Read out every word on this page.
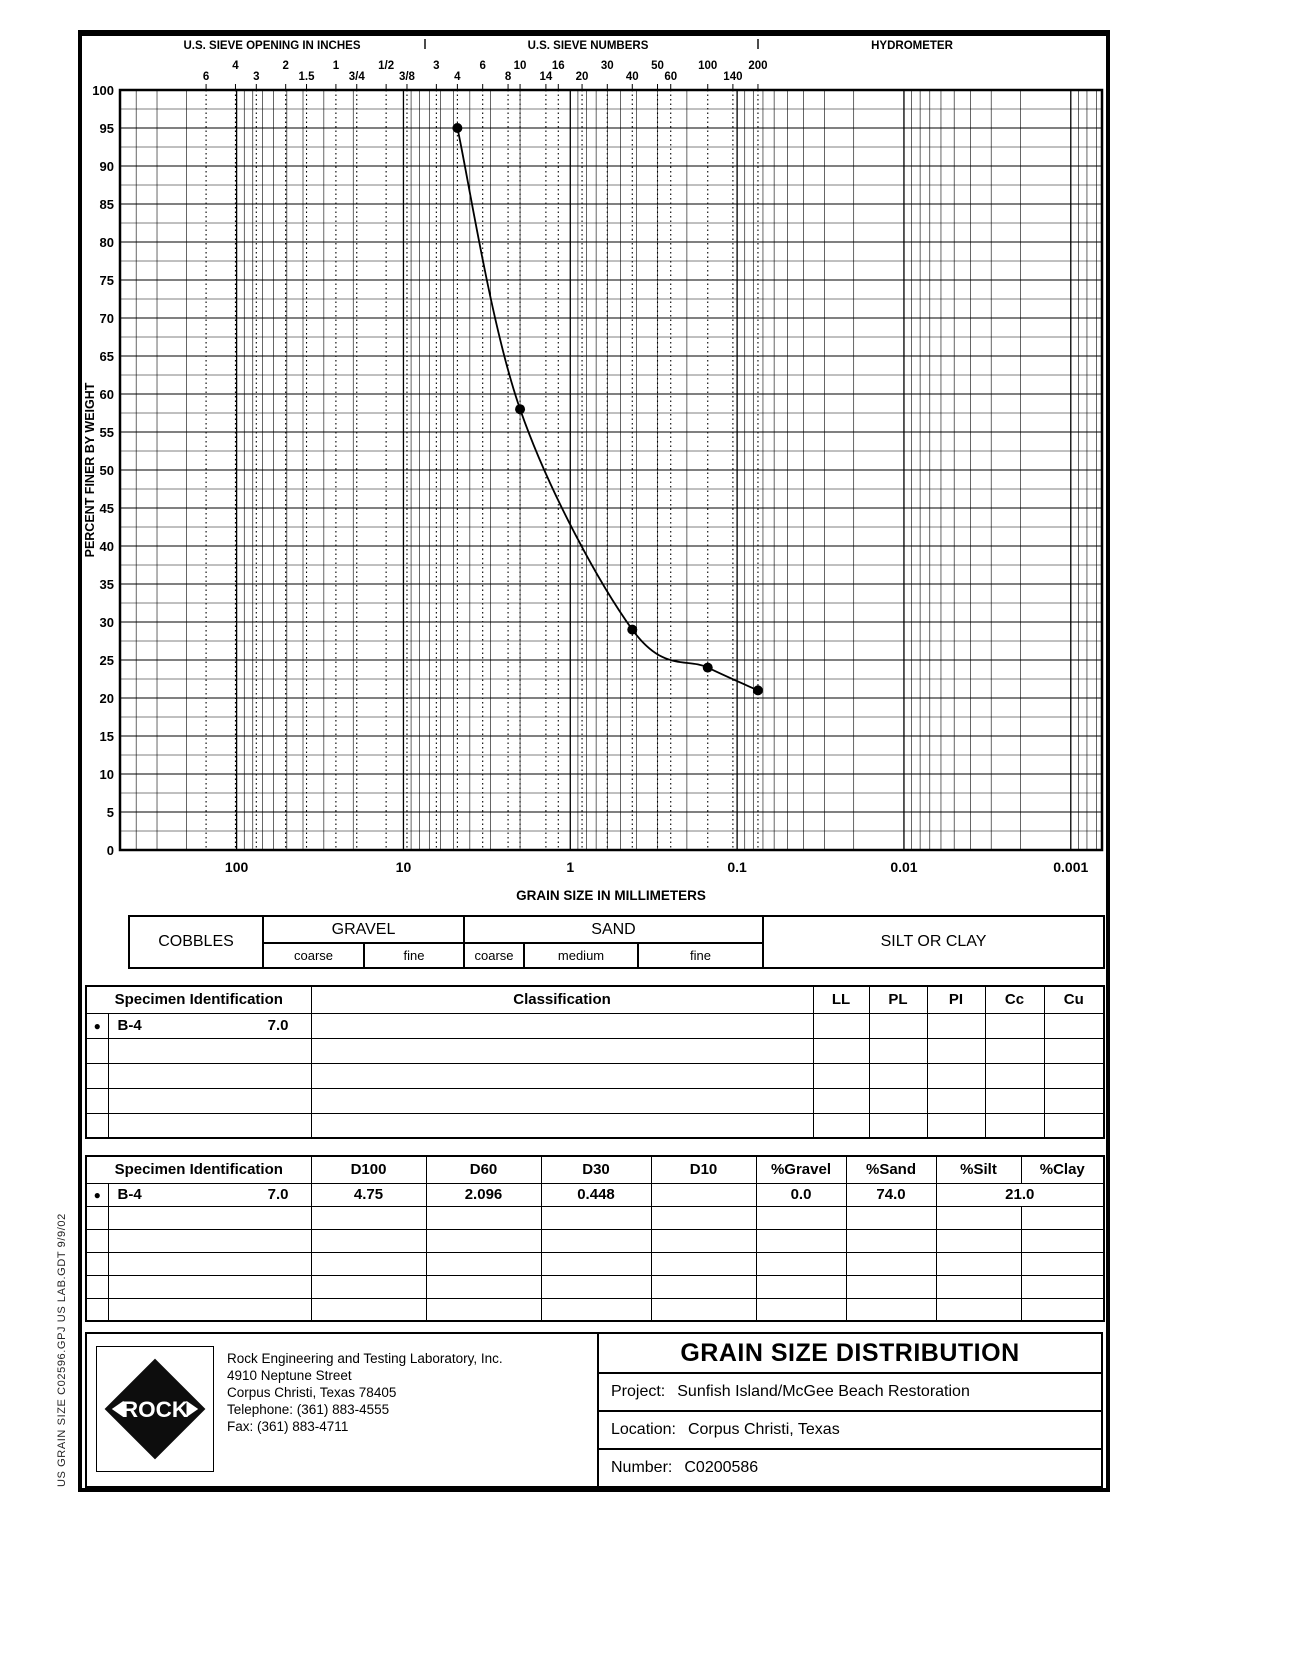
US GRAIN SIZE C02596.GPJ US LAB.GDT 9/9/02
0
5
10
15
20
25
30
35
40
45
50
55
60
65
70
75
80
85
90
95
100
100	10	1	0.1	0.01	0.001
6
4
3
2
1.5
1
3/4
1/2
3/8
3
4
6
8
10
14
16
20
30
40
50
60
100
140
200
U.S. SIEVE OPENING IN INCHES	U.S. SIEVE NUMBERS	HYDROMETER
GRAIN SIZE IN MILLIMETERS
PERCENT FINER BY WEIGHT
COBBLES	GRAVEL		SAND			SILT OR CLAY
	coarse	fine	coarse	medium	fine	
Specimen Identification		Classification	LL	PL	PI	Cc	Cu
●	B-4 7.0						

Specimen Identification		D100	D60	D30	D10	%Gravel	%Sand	%Silt	%Clay
●	B-4 7.0	4.75	2.096	0.448		0.0	74.0	21.0	

ROCK
Rock Engineering and Testing Laboratory, Inc.
4910 Neptune Street
Corpus Christi, Texas 78405
Telephone: (361) 883-4555
Fax: (361) 883-4711
GRAIN SIZE DISTRIBUTION
Project: Sunfish Island/McGee Beach Restoration
Location: Corpus Christi, Texas
Number: C0200586
